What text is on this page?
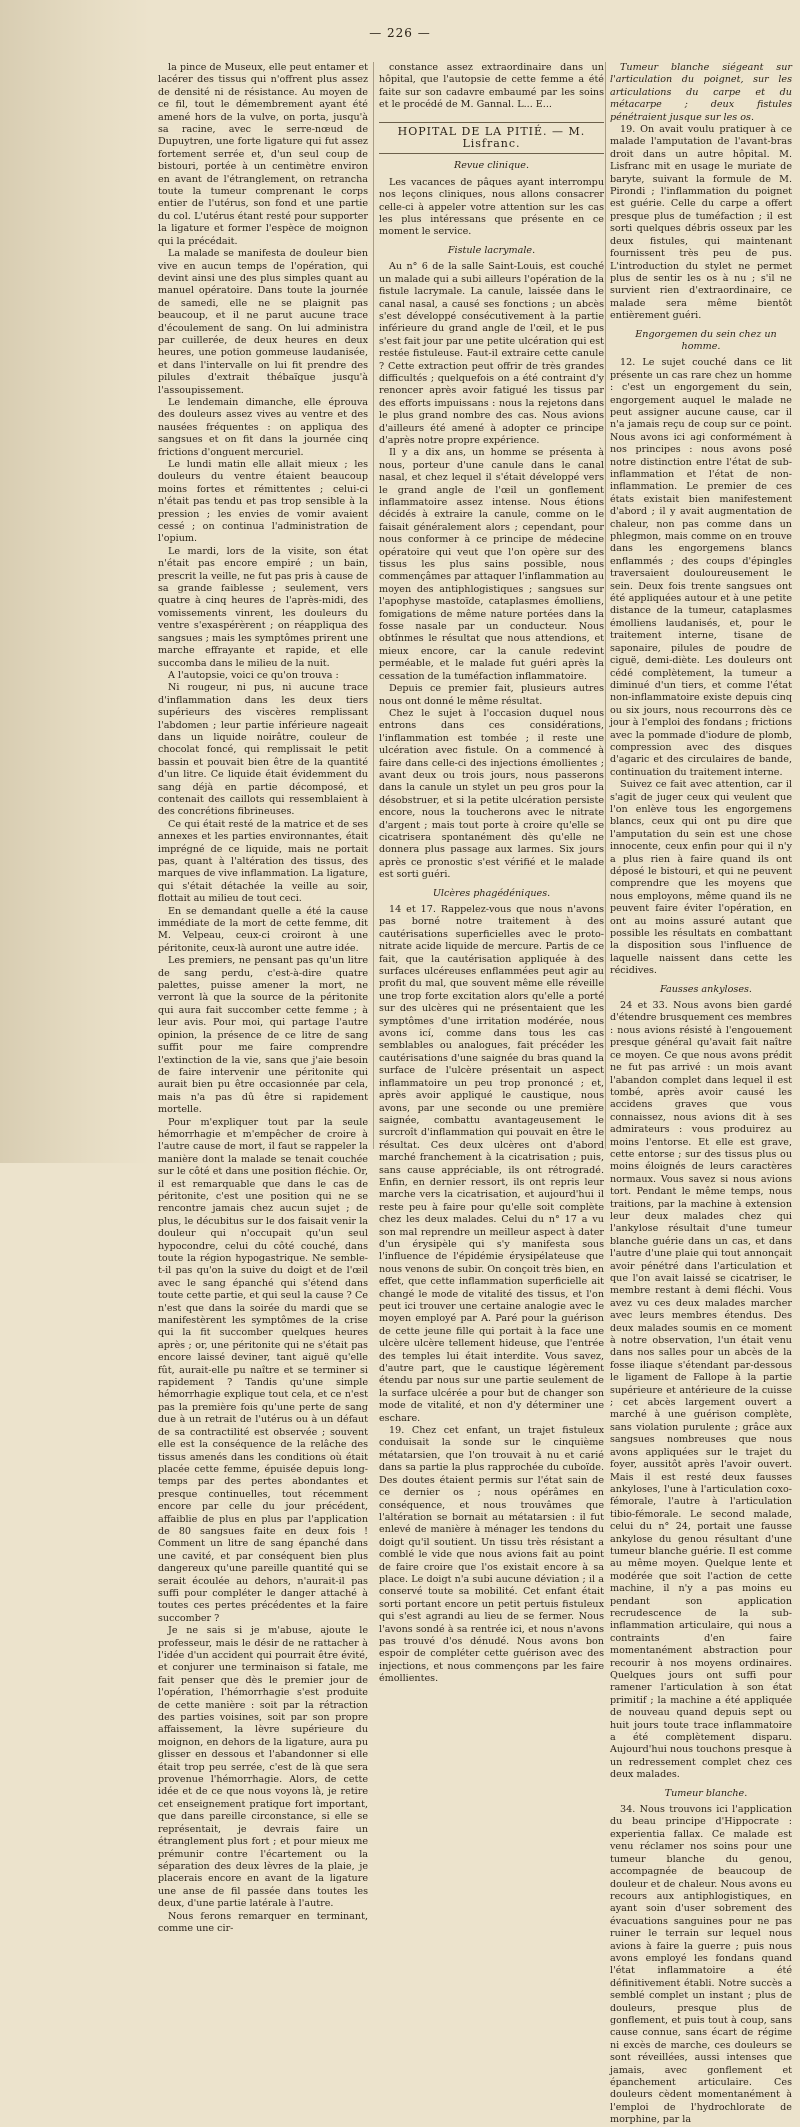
— 226 —

la pince de Museux, elle peut entamer et lacérer des tissus qui n'offrent plus assez de densité ni de résistance. Au moyen de ce fil, tout le démembrement ayant été amené hors de la vulve, on porta, jusqu'à sa racine, avec le serre-nœud de Dupuytren, une forte ligature qui fut assez fortement serrée et, d'un seul coup de bistouri, portée à un centimètre environ en avant de l'étranglement, on retrancha toute la tumeur comprenant le corps entier de l'utérus, son fond et une partie du col. L'utérus étant resté pour supporter la ligature et former l'espèce de moignon qui la précédait.

La malade se manifesta de douleur bien vive en aucun temps de l'opération, qui devint ainsi une des plus simples quant au manuel opératoire. Dans toute la journée de samedi, elle ne se plaignit pas beaucoup, et il ne parut aucune trace d'écoulement de sang. On lui administra par cuillerée, de deux heures en deux heures, une potion gommeuse laudanisée, et dans l'intervalle on lui fit prendre des pilules d'extrait thébaïque jusqu'à l'assoupissement.

Le lendemain dimanche, elle éprouva des douleurs assez vives au ventre et des nausées fréquentes : on appliqua des sangsues et on fit dans la journée cinq frictions d'onguent mercuriel.

Le lundi matin elle allait mieux ; les douleurs du ventre étaient beaucoup moins fortes et rémittentes ; celui-ci n'était pas tendu et pas trop sensible à la pression ; les envies de vomir avaient cessé ; on continua l'administration de l'opium.

Le mardi, lors de la visite, son état n'était pas encore empiré ; un bain, prescrit la veille, ne fut pas pris à cause de sa grande faiblesse ; seulement, vers quatre à cinq heures de l'après-midi, des vomissements vinrent, les douleurs du ventre s'exaspérèrent ; on réappliqua des sangsues ; mais les symptômes prirent une marche effrayante et rapide, et elle succomba dans le milieu de la nuit.

A l'autopsie, voici ce qu'on trouva :

Ni rougeur, ni pus, ni aucune trace d'inflammation dans les deux tiers supérieurs des viscères remplissant l'abdomen ; leur partie inférieure nageait dans un liquide noirâtre, couleur de chocolat foncé, qui remplissait le petit bassin et pouvait bien être de la quantité d'un litre. Ce liquide était évidemment du sang déjà en partie décomposé, et contenait des caillots qui ressemblaient à des concrétions fibrineuses.

Ce qui était resté de la matrice et de ses annexes et les parties environnantes, était imprégné de ce liquide, mais ne portait pas, quant à l'altération des tissus, des marques de vive inflammation. La ligature, qui s'était détachée la veille au soir, flottait au milieu de tout ceci.

En se demandant quelle a été la cause immédiate de la mort de cette femme, dit M. Velpeau, ceux-ci croiront à une péritonite, ceux-là auront une autre idée.

Les premiers, ne pensant pas qu'un litre de sang perdu, c'est-à-dire quatre palettes, puisse amener la mort, ne verront là que la source de la péritonite qui aura fait succomber cette femme ; à leur avis. Pour moi, qui partage l'autre opinion, la présence de ce litre de sang suffit pour me faire comprendre l'extinction de la vie, sans que j'aie besoin de faire intervenir une péritonite qui aurait bien pu être occasionnée par cela, mais n'a pas dû être si rapidement mortelle.

Pour m'expliquer tout par la seule hémorrhagie et m'empêcher de croire à l'autre cause de mort, il faut se rappeler la manière dont la malade se tenait couchée sur le côté et dans une position fléchie. Or, il est remarquable que dans le cas de péritonite, c'est une position qui ne se rencontre jamais chez aucun sujet ; de plus, le décubitus sur le dos faisait venir la douleur qui n'occupait qu'un seul hypocondre, celui du côté couché, dans toute la région hypogastrique. Ne semble-t-il pas qu'on la suive du doigt et de l'œil avec le sang épanché qui s'étend dans toute cette partie, et qui seul la cause ? Ce n'est que dans la soirée du mardi que se manifestèrent les symptômes de la crise qui la fit succomber quelques heures après ; or, une péritonite qui ne s'était pas encore laissé deviner, tant aiguë qu'elle fût, aurait-elle pu naître et se terminer si rapidement ? Tandis qu'une simple hémorrhagie explique tout cela, et ce n'est pas la première fois qu'une perte de sang due à un retrait de l'utérus ou à un défaut de sa contractilité est observée ; souvent elle est la conséquence de la relâche des tissus amenés dans les conditions où était placée cette femme, épuisée depuis long-temps par des pertes abondantes et presque continuelles, tout récemment encore par celle du jour précédent, affaiblie de plus en plus par l'application de 80 sangsues faite en deux fois ! Comment un litre de sang épanché dans une cavité, et par conséquent bien plus dangereux qu'une pareille quantité qui se serait écoulée au dehors, n'aurait-il pas suffi pour compléter le danger attaché à toutes ces pertes précédentes et la faire succomber ?

Je ne sais si je m'abuse, ajoute le professeur, mais le désir de ne rattacher à l'idée d'un accident qui pourrait être évité, et conjurer une terminaison si fatale, me fait penser que dès le premier jour de l'opération, l'hémorrhagie s'est produite de cette manière : soit par la rétraction des parties voisines, soit par son propre affaissement, la lèvre supérieure du moignon, en dehors de la ligature, aura pu glisser en dessous et l'abandonner si elle était trop peu serrée, c'est de là que sera provenue l'hémorrhagie. Alors, de cette idée et de ce que nous voyons là, je retire cet enseignement pratique fort important, que dans pareille circonstance, si elle se représentait, je devrais faire un étranglement plus fort ; et pour mieux me prémunir contre l'écartement ou la séparation des deux lèvres de la plaie, je placerais encore en avant de la ligature une anse de fil passée dans toutes les deux, d'une partie latérale à l'autre.

Nous ferons remarquer en terminant, comme une cir-

constance assez extraordinaire dans un hôpital, que l'autopsie de cette femme a été faite sur son cadavre embaumé par les soins et le procédé de M. Gannal. L... E...

HOPITAL DE LA PITIÉ. — M. Lisfranc.

Revue clinique.

Les vacances de pâques ayant interrompu nos leçons cliniques, nous allons consacrer celle-ci à appeler votre attention sur les cas les plus intéressans que présente en ce moment le service.

Fistule lacrymale.

Au n° 6 de la salle Saint-Louis, est couché un malade qui a subi ailleurs l'opération de la fistule lacrymale. La canule, laissée dans le canal nasal, a causé ses fonctions ; un abcès s'est développé consécutivement à la partie inférieure du grand angle de l'œil, et le pus s'est fait jour par une petite ulcération qui est restée fistuleuse. Faut-il extraire cette canule ? Cette extraction peut offrir de très grandes difficultés ; quelquefois on a été contraint d'y renoncer après avoir fatigué les tissus par des efforts impuissans : nous la rejetons dans le plus grand nombre des cas. Nous avions d'ailleurs été amené à adopter ce principe d'après notre propre expérience.

Il y a dix ans, un homme se présenta à nous, porteur d'une canule dans le canal nasal, et chez lequel il s'était développé vers le grand angle de l'œil un gonflement inflammatoire assez intense. Nous étions décidés à extraire la canule, comme on le faisait généralement alors ; cependant, pour nous conformer à ce principe de médecine opératoire qui veut que l'on opère sur des tissus les plus sains possible, nous commençâmes par attaquer l'inflammation au moyen des antiphlogistiques ; sangsues sur l'apophyse mastoïde, cataplasmes émolliens, fomigations de même nature portées dans la fosse nasale par un conducteur. Nous obtînmes le résultat que nous attendions, et mieux encore, car la canule redevint perméable, et le malade fut guéri après la cessation de la tuméfaction inflammatoire.

Depuis ce premier fait, plusieurs autres nous ont donné le même résultat.

Chez le sujet à l'occasion duquel nous entrons dans ces considérations, l'inflammation est tombée ; il reste une ulcération avec fistule. On a commencé à faire dans celle-ci des injections émollientes ; avant deux ou trois jours, nous passerons dans la canule un stylet un peu gros pour la désobstruer, et si la petite ulcération persiste encore, nous la toucherons avec le nitrate d'argent ; mais tout porte à croire qu'elle se cicatrisera spontanément dès qu'elle ne donnera plus passage aux larmes. Six jours après ce pronostic s'est vérifié et le malade est sorti guéri.

Ulcères phagédéniques.

14 et 17. Rappelez-vous que nous n'avons pas borné notre traitement à des cautérisations superficielles avec le proto-nitrate acide liquide de mercure. Partis de ce fait, que la cautérisation appliquée à des surfaces ulcéreuses enflammées peut agir au profit du mal, que souvent même elle réveille une trop forte excitation alors qu'elle a porté sur des ulcères qui ne présentaient que les symptômes d'une irritation modérée, nous avons icí, comme dans tous les cas semblables ou analogues, fait précéder les cautérisations d'une saignée du bras quand la surface de l'ulcère présentait un aspect inflammatoire un peu trop prononcé ; et, après avoir appliqué le caustique, nous avons, par une seconde ou une première saignée, combattu avantageusement le surcroît d'inflammation qui pouvait en être le résultat. Ces deux ulcères ont d'abord marché franchement à la cicatrisation ; puis, sans cause appréciable, ils ont rétrogradé. Enfin, en dernier ressort, ils ont repris leur marche vers la cicatrisation, et aujourd'hui il reste peu à faire pour qu'elle soit complète chez les deux malades. Celui du n° 17 a vu son mal reprendre un meilleur aspect à dater d'un érysipèle qui s'y manifesta sous l'influence de l'épidémie érysipélateuse que nous venons de subir. On conçoit très bien, en effet, que cette inflammation superficielle ait changé le mode de vitalité des tissus, et l'on peut ici trouver une certaine analogie avec le moyen employé par A. Paré pour la guérison de cette jeune fille qui portait à la face une ulcère ulcère tellement hideuse, que l'entrée des temples lui était interdite. Vous savez, d'autre part, que le caustique légèrement étendu par nous sur une partie seulement de la surface ulcérée a pour but de changer son mode de vitalité, et non d'y déterminer une eschare.

19. Chez cet enfant, un trajet fistuleux conduisait la sonde sur le cinquième métatarsien, que l'on trouvait à nu et carié dans sa partie la plus rapprochée du cuboïde. Des doutes étaient permis sur l'état sain de ce dernier os ; nous opérâmes en conséquence, et nous trouvâmes que l'altération se bornait au métatarsien : il fut enlevé de manière à ménager les tendons du doigt qu'il soutient. Un tissu très résistant a comblé le vide que nous avions fait au point de faire croire que l'os existait encore à sa place. Le doigt n'a subi aucune déviation ; il a conservé toute sa mobilité. Cet enfant était sorti portant encore un petit pertuis fistuleux qui s'est agrandi au lieu de se fermer. Nous l'avons sondé à sa rentrée ici, et nous n'avons pas trouvé d'os dénudé. Nous avons bon espoir de compléter cette guérison avec des injections, et nous commençons par les faire émollientes.

Tumeur blanche siégeant sur l'articulation du poignet, sur les articulations du carpe et du métacarpe ; deux fistules pénétraient jusque sur les os.

19. On avait voulu pratiquer à ce malade l'amputation de l'avant-bras droit dans un autre hôpital. M. Lisfranc mit en usage le muriate de baryte, suivant la formule de M. Pirondi ; l'inflammation du poignet est guérie. Celle du carpe a offert presque plus de tuméfaction ; il est sorti quelques débris osseux par les deux fistules, qui maintenant fournissent très peu de pus. L'introduction du stylet ne permet plus de sentir les os à nu ; s'il ne survient rien d'extraordinaire, ce malade sera même bientôt entièrement guéri.

Engorgemen du sein chez un homme.

12. Le sujet couché dans ce lit présente un cas rare chez un homme : c'est un engorgement du sein, engorgement auquel le malade ne peut assigner aucune cause, car il n'a jamais reçu de coup sur ce point. Nous avons ici agi conformément à nos principes : nous avons posé notre distinction entre l'état de sub-inflammation et l'état de non-inflammation. Le premier de ces états existait bien manifestement d'abord ; il y avait augmentation de chaleur, non pas comme dans un phlegmon, mais comme on en trouve dans les engorgemens blancs enflammés ; des coups d'épingles traversaient douloureusement le sein. Deux fois trente sangsues ont été appliquées autour et à une petite distance de la tumeur, cataplasmes émolliens laudanisés, et, pour le traitement interne, tisane de saponaire, pilules de poudre de ciguë, demi-diète. Les douleurs ont cédé complètement, la tumeur a diminué d'un tiers, et comme l'état non-inflammatoire existe depuis cinq ou six jours, nous recourrons dès ce jour à l'emploi des fondans ; frictions avec la pommade d'iodure de plomb, compression avec des disques d'agaric et des circulaires de bande, continuation du traitement interne.

Suivez ce fait avec attention, car il s'agit de juger ceux qui veulent que l'on enlève tous les engorgemens blancs, ceux qui ont pu dire que l'amputation du sein est une chose innocente, ceux enfin pour qui il n'y a plus rien à faire quand ils ont déposé le bistouri, et qui ne peuvent comprendre que les moyens que nous employons, même quand ils ne peuvent faire éviter l'opération, en ont au moins assuré autant que possible les résultats en combattant la disposition sous l'influence de laquelle naissent dans cette les récidives.

Fausses ankyloses.

24 et 33. Nous avons bien gardé d'étendre brusquement ces membres : nous avions résisté à l'engouement presque général qu'avait fait naître ce moyen. Ce que nous avons prédit ne fut pas arrivé : un mois avant l'abandon complet dans lequel il est tombé, après avoir causé les accidens graves que vous connaissez, nous avions dit à ses admirateurs : vous produirez au moins l'entorse. Et elle est grave, cette entorse ; sur des tissus plus ou moins éloignés de leurs caractères normaux. Vous savez si nous avions tort. Pendant le même temps, nous traitions, par la machine à extension leur deux malades chez qui l'ankylose résultait d'une tumeur blanche guérie dans un cas, et dans l'autre d'une plaie qui tout annonçait avoir pénétré dans l'articulation et que l'on avait laissé se cicatriser, le membre restant à demi fléchi. Vous avez vu ces deux malades marcher avec leurs membres étendus. Des deux malades soumis en ce moment à notre observation, l'un était venu dans nos salles pour un abcès de la fosse iliaque s'étendant par-dessous le ligament de Fallope à la partie supérieure et antérieure de la cuisse ; cet abcès largement ouvert a marché à une guérison complète, sans violation purulente ; grâce aux sangsues nombreuses que nous avons appliquées sur le trajet du foyer, aussitôt après l'avoir ouvert. Mais il est resté deux fausses ankyloses, l'une à l'articulation coxo-fémorale, l'autre à l'articulation tibio-fémorale. Le second malade, celui du n° 24, portait une fausse ankylose du genou résultant d'une tumeur blanche guérie. Il est comme au même moyen. Quelque lente et modérée que soit l'action de cette machine, il n'y a pas moins eu pendant son application recrudescence de la sub-inflammation articulaire, qui nous a contraints d'en faire momentanément abstraction pour recourir à nos moyens ordinaires. Quelques jours ont suffi pour ramener l'articulation à son état primitif ; la machine a été appliquée de nouveau quand depuis sept ou huit jours toute trace inflammatoire a été complètement disparu. Aujourd'hui nous touchons presque à un redressement complet chez ces deux malades.

Tumeur blanche.

34. Nous trouvons ici l'application du beau principe d'Hippocrate : experientia fallax. Ce malade est venu réclamer nos soins pour une tumeur blanche du genou, accompagnée de beaucoup de douleur et de chaleur. Nous avons eu recours aux antiphlogistiques, en ayant soin d'user sobrement des évacuations sanguines pour ne pas ruiner le terrain sur lequel nous avions à faire la guerre ; puis nous avons employé les fondans quand l'état inflammatoire a été définitivement établi. Notre succès a semblé complet un instant ; plus de douleurs, presque plus de gonflement, et puis tout à coup, sans cause connue, sans écart de régime ni excès de marche, ces douleurs se sont réveillées, aussi intenses que jamais, avec gonflement et épanchement articulaire. Ces douleurs cèdent momentanément à l'emploi de l'hydrochlorate de morphine, par la
